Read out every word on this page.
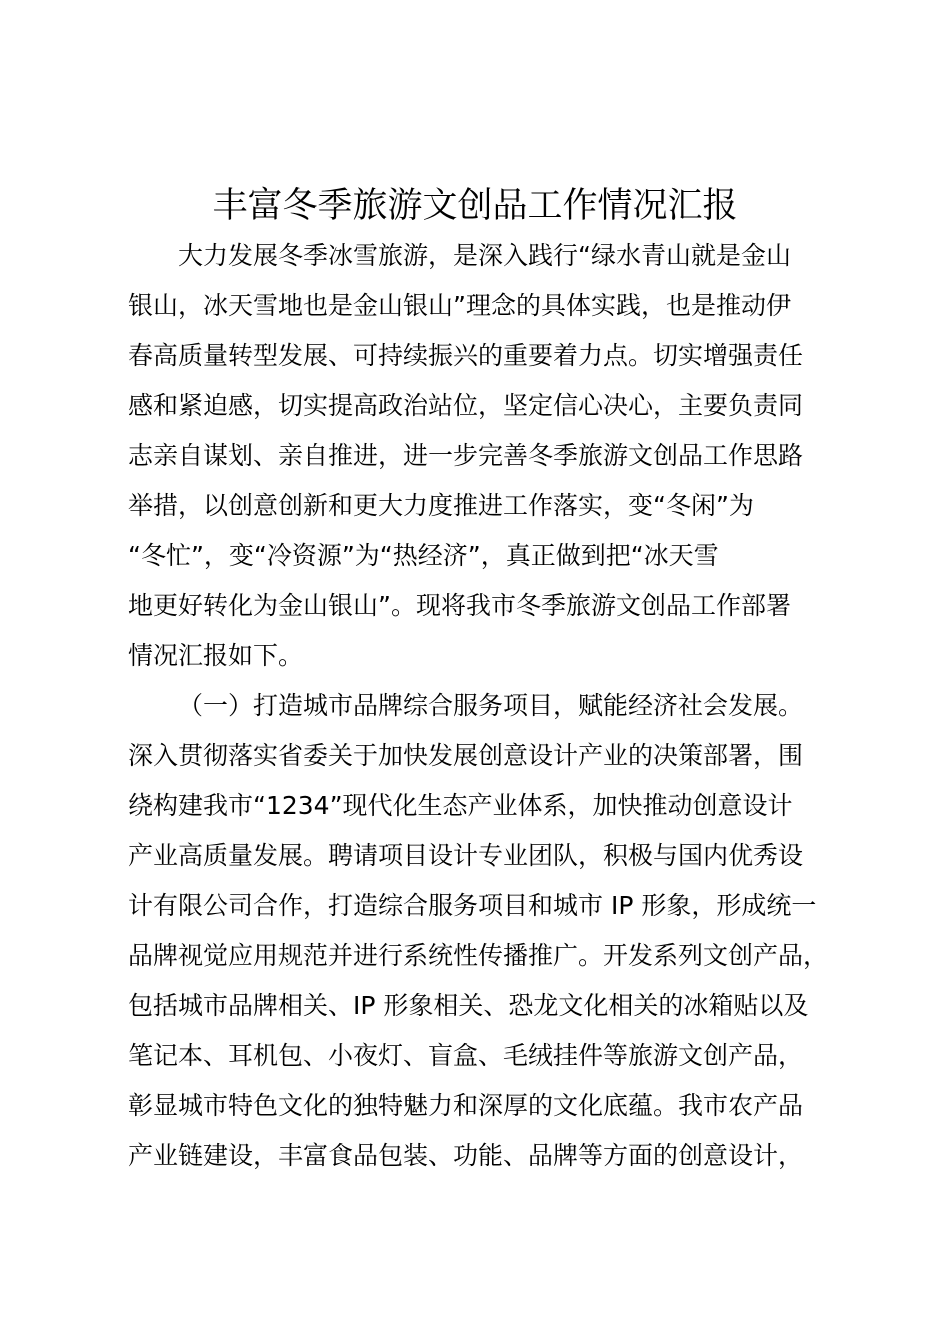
丰富冬季旅游文创品工作情况汇报
大力发展冬季冰雪旅游，是深入践行“绿水青山就是金山
银山，冰天雪地也是金山银山”理念的具体实践，也是推动伊
春高质量转型发展、可持续振兴的重要着力点。切实增强责任
感和紧迫感，切实提高政治站位，坚定信心决心，主要负责同
志亲自谋划、亲自推进，进一步完善冬季旅游文创品工作思路
举措，以创意创新和更大力度推进工作落实，变“冬闲”为
“冬忙”，变“冷资源”为“热经济”，真正做到把“冰天雪
地更好转化为金山银山”。现将我市冬季旅游文创品工作部署
情况汇报如下。
（一）打造城市品牌综合服务项目，赋能经济社会发展。
深入贯彻落实省委关于加快发展创意设计产业的决策部署，围
绕构建我市“1234”现代化生态产业体系，加快推动创意设计
产业高质量发展。聘请项目设计专业团队，积极与国内优秀设
计有限公司合作，打造综合服务项目和城市 IP 形象，形成统一
品牌视觉应用规范并进行系统性传播推广。开发系列文创产品，
包括城市品牌相关、IP 形象相关、恐龙文化相关的冰箱贴以及
笔记本、耳机包、小夜灯、盲盒、毛绒挂件等旅游文创产品，
彰显城市特色文化的独特魅力和深厚的文化底蕴。我市农产品
产业链建设，丰富食品包装、功能、品牌等方面的创意设计，
